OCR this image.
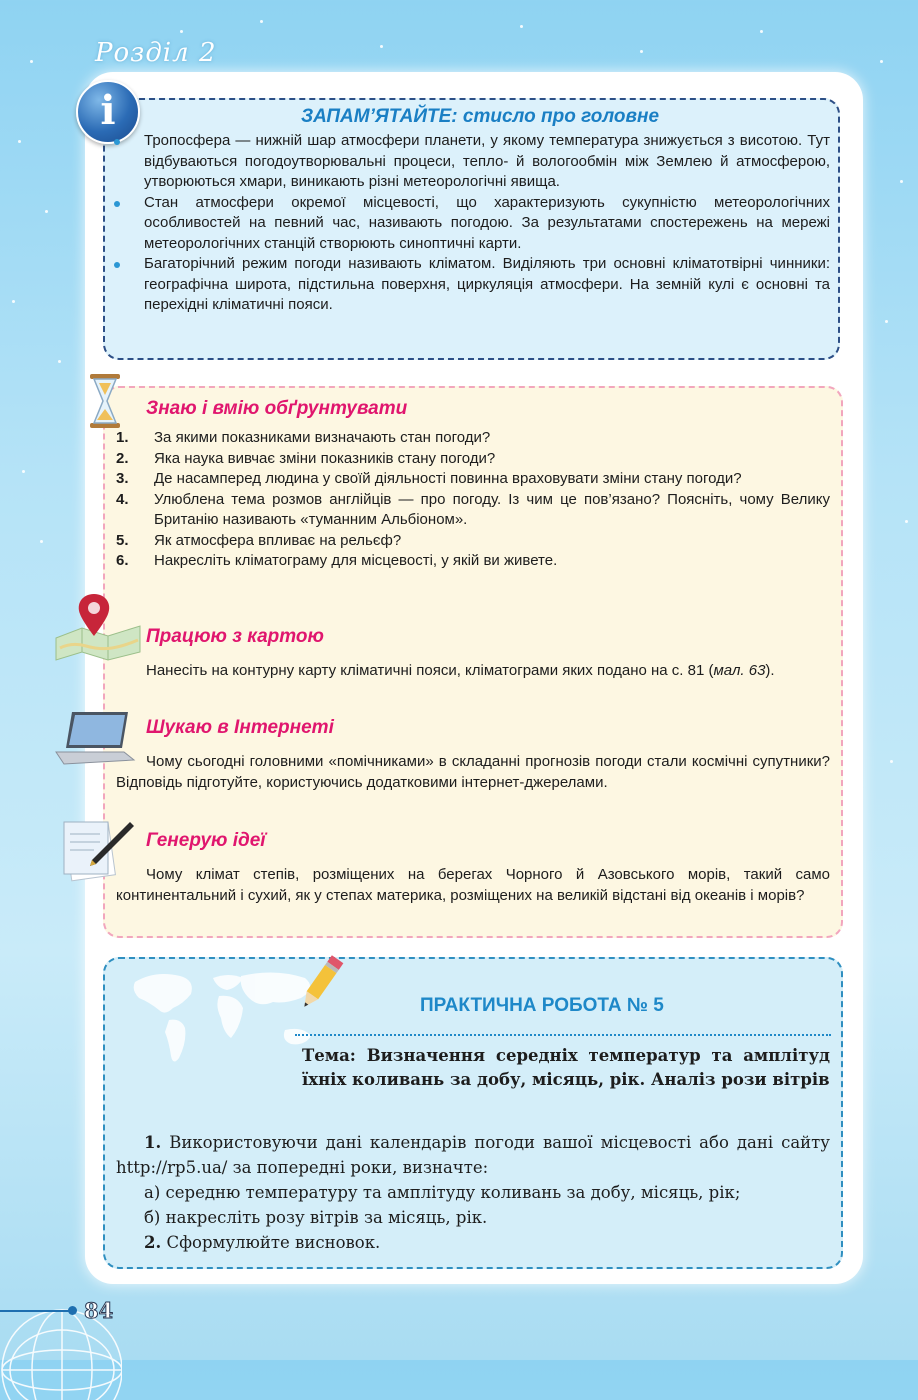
Розділ 2
i	ЗАПАМ’ЯТАЙТЕ: стисло про головне
Тропосфера — нижній шар атмосфери планети, у якому температура знижується з висотою. Тут відбуваються погодоутворювальні процеси, тепло- й вологообмін між Землею й атмосферою, утворюються хмари, виникають різні метеорологічні явища.
Стан атмосфери окремої місцевості, що характеризують сукупністю метеорологічних особливостей на певний час, називають погодою. За результатами спостережень на мережі метеорологічних станцій створюють синоптичні карти.
Багаторічний режим погоди називають кліматом. Виділяють три основні кліматотвірні чинники: географічна широта, підстильна поверхня, циркуляція атмосфери. На земній кулі є основні та перехідні кліматичні пояси.
Знаю і вмію обґрунтувати
1.	За якими показниками визначають стан погоди?
2.	Яка наука вивчає зміни показників стану погоди?
3.	Де насамперед людина у своїй діяльності повинна враховувати зміни стану погоди?
4.	Улюблена тема розмов англійців — про погоду. Із чим це пов’язано? Поясніть, чому Велику Британію називають «туманним Альбіоном».
5.	Як атмосфера впливає на рельєф?
6.	Накресліть кліматограму для місцевості, у якій ви живете.
Працюю з картою
Нанесіть на контурну карту кліматичні пояси, кліматограми яких подано на с. 81 (мал. 63).
Шукаю в Інтернеті
Чому сьогодні головними «помічниками» в складанні прогнозів погоди стали космічні супутники? Відповідь підготуйте, користуючись додатковими інтернет-джерелами.
Генерую ідеї
Чому клімат степів, розміщених на берегах Чорного й Азовського морів, такий само континентальний і сухий, як у степах материка, розміщених на великій відстані від океанів і морів?
ПРАКТИЧНА РОБОТА № 5
Тема: Визначення середніх температур та амплітуд їхніх коливань за добу, місяць, рік. Аналіз рози вітрів
1. Використовуючи дані календарів погоди вашої місцевості або дані сайту http://rp5.ua/ за попередні роки, визначте:
а) середню температуру та амплітуду коливань за добу, місяць, рік;
б) накресліть розу вітрів за місяць, рік.
2. Сформулюйте висновок.
84
